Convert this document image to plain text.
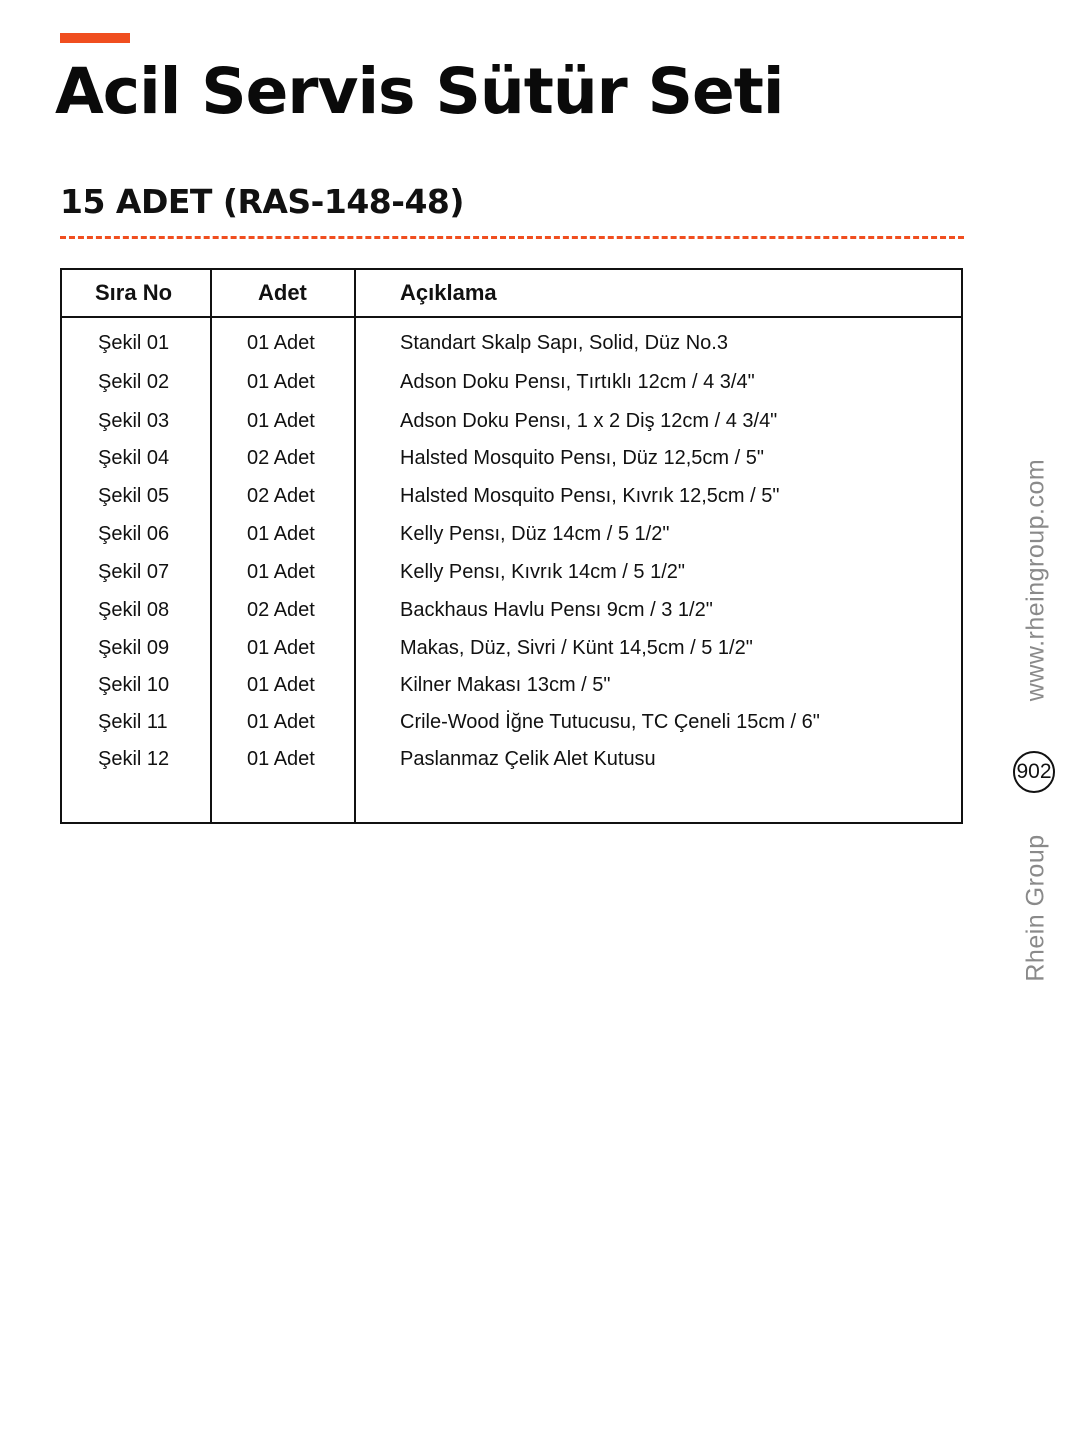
Acil Servis Sütür Seti
15 ADET (RAS-148-48)
Sıra No	Adet	Açıklama
Şekil 01	01 Adet	Standart Skalp Sapı, Solid, Düz No.3
Şekil 02	01 Adet	Adson Doku Pensı, Tırtıklı 12cm / 4 3/4"
Şekil 03	01 Adet	Adson Doku Pensı, 1 x 2 Diş 12cm / 4 3/4"
Şekil 04	02 Adet	Halsted Mosquito Pensı, Düz 12,5cm / 5"
Şekil 05	02 Adet	Halsted Mosquito Pensı, Kıvrık 12,5cm / 5"
Şekil 06	01 Adet	Kelly Pensı, Düz 14cm / 5 1/2"
Şekil 07	01 Adet	Kelly Pensı, Kıvrık 14cm / 5 1/2"
Şekil 08	02 Adet	Backhaus Havlu Pensı 9cm / 3 1/2"
Şekil 09	01 Adet	Makas, Düz, Sivri / Künt 14,5cm / 5 1/2"
Şekil 10	01 Adet	Kilner Makası 13cm / 5"
Şekil 11	01 Adet	Crile-Wood İğne Tutucusu, TC Çeneli 15cm / 6"
Şekil 12	01 Adet	Paslanmaz Çelik Alet Kutusu
www.rheingroup.com
902
Rhein Group
